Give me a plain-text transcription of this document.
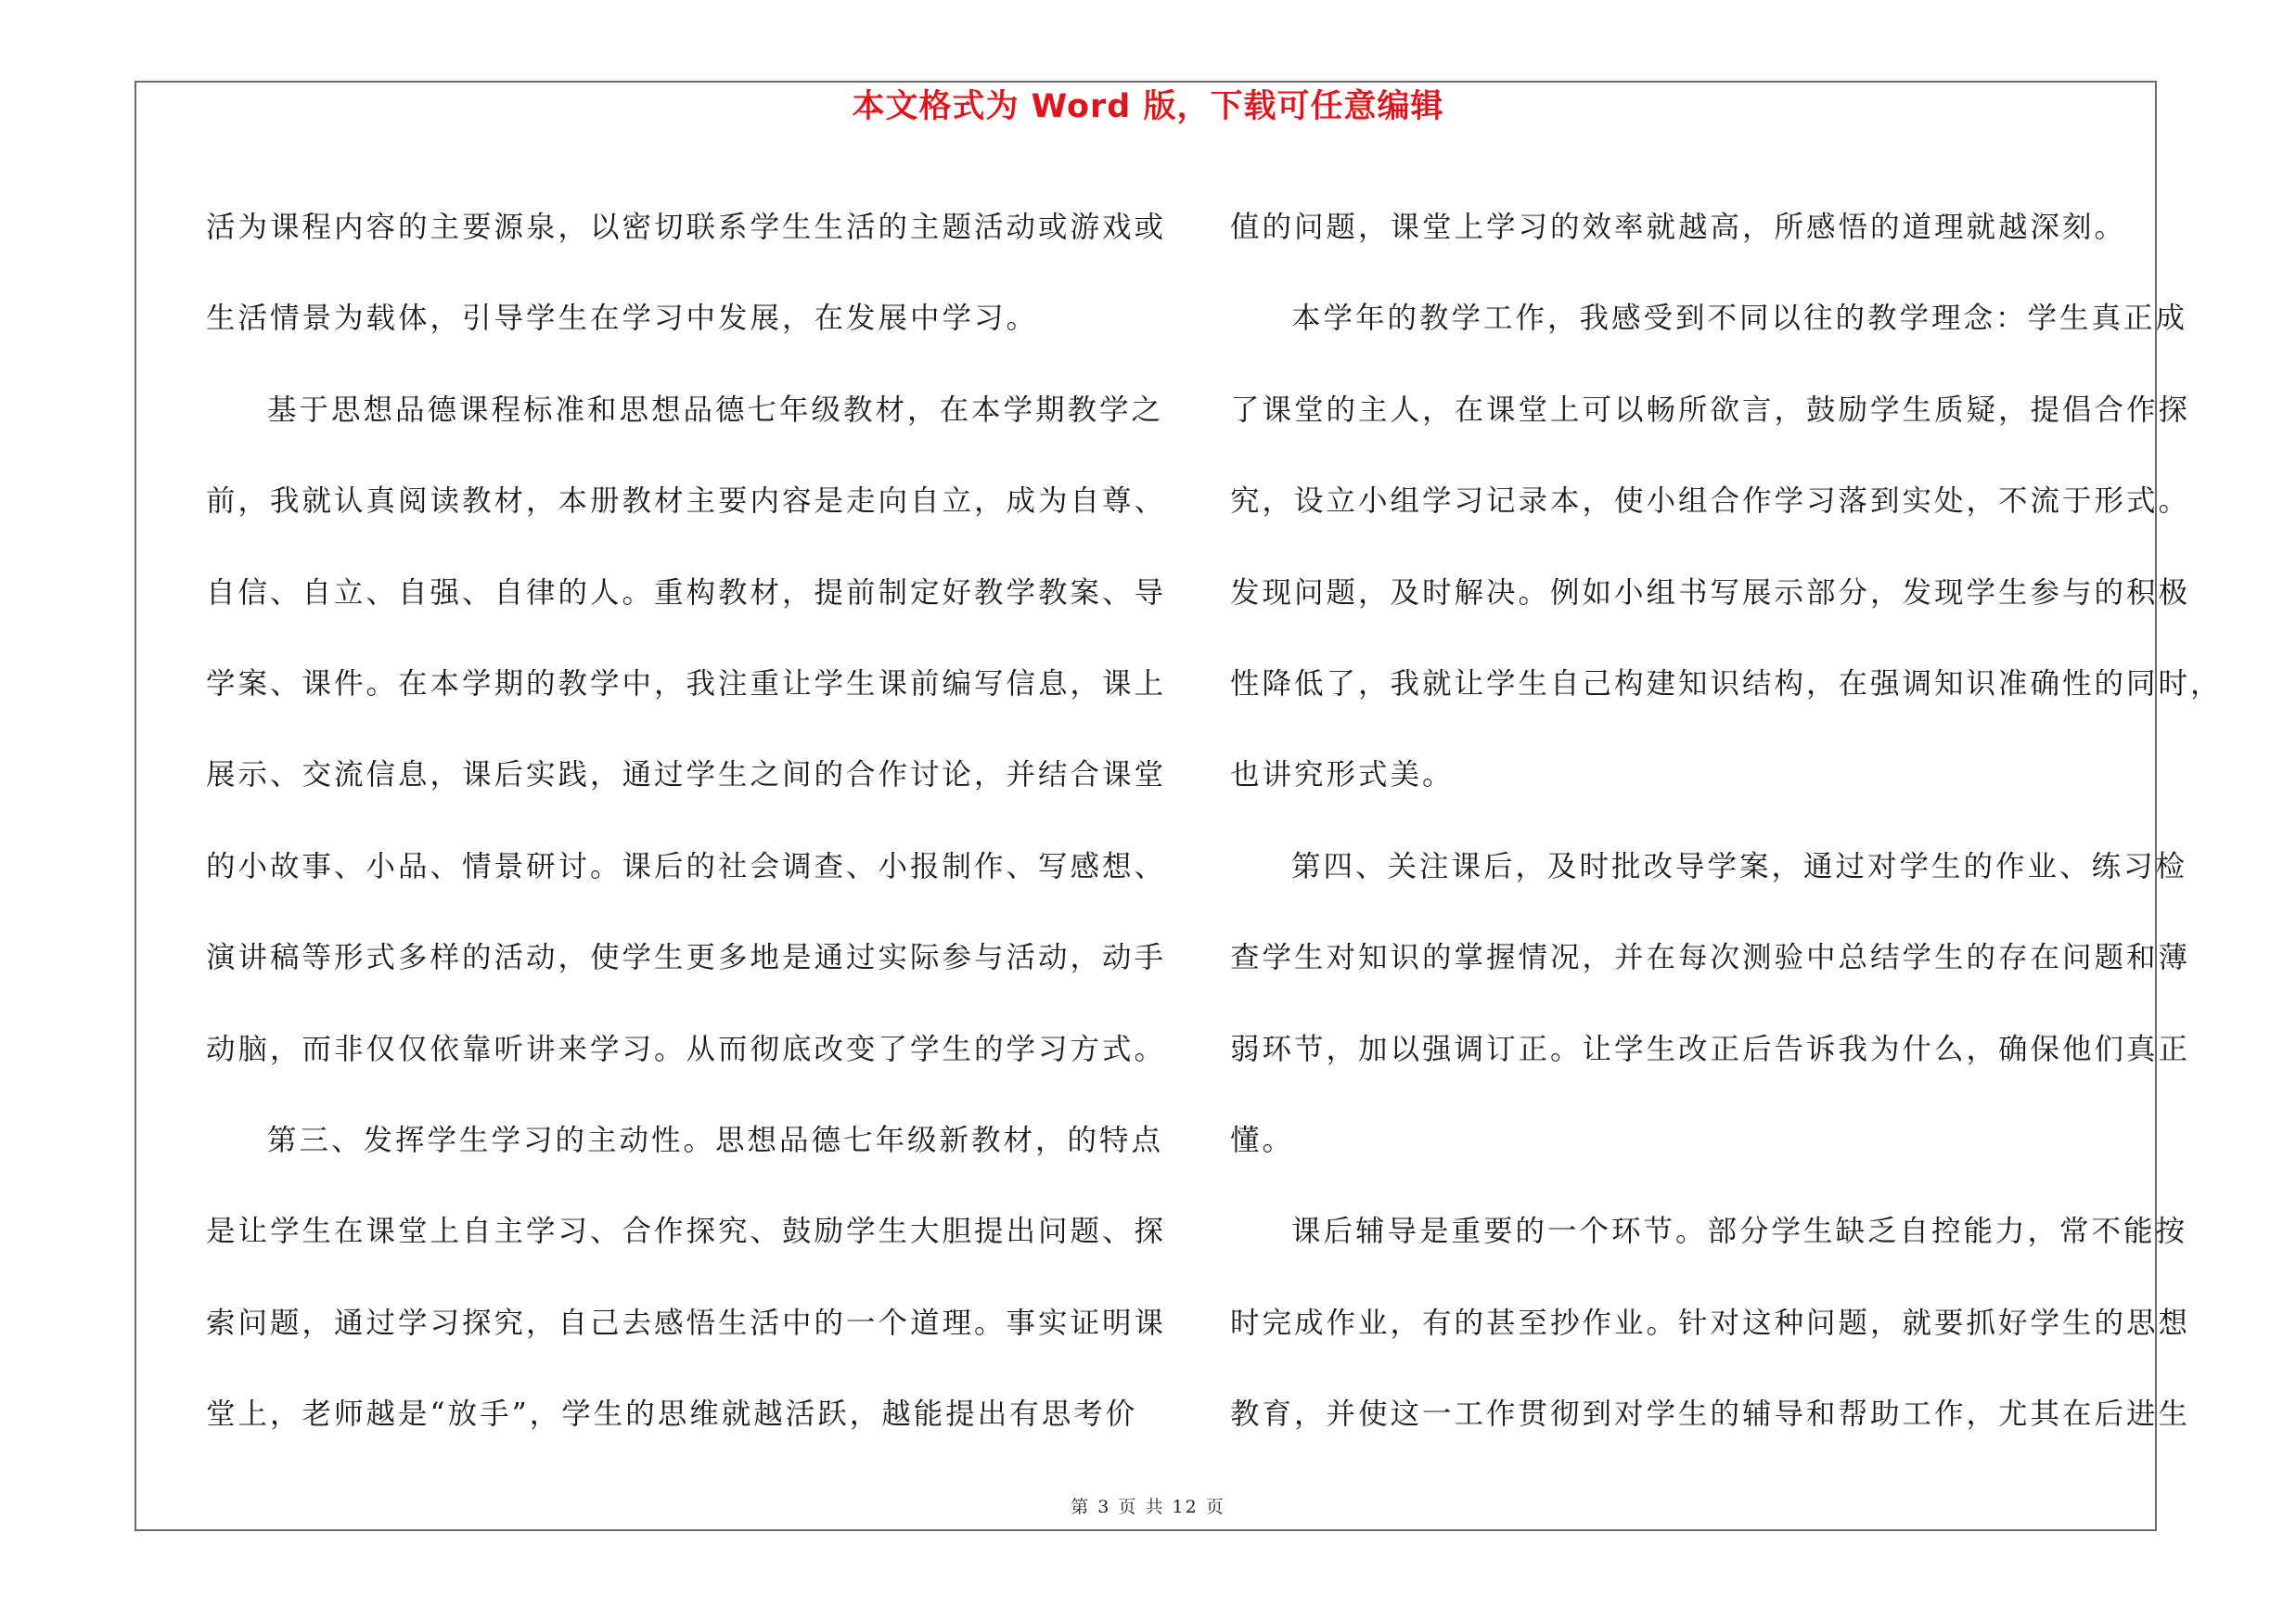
本文格式为 Word 版，下载可任意编辑
活为课程内容的主要源泉，以密切联系学生生活的主题活动或游戏或
生活情景为载体，引导学生在学习中发展，在发展中学习。
基于思想品德课程标准和思想品德七年级教材，在本学期教学之
前，我就认真阅读教材，本册教材主要内容是走向自立，成为自尊、
自信、自立、自强、自律的人。重构教材，提前制定好教学教案、导
学案、课件。在本学期的教学中，我注重让学生课前编写信息，课上
展示、交流信息，课后实践，通过学生之间的合作讨论，并结合课堂
的小故事、小品、情景研讨。课后的社会调查、小报制作、写感想、
演讲稿等形式多样的活动，使学生更多地是通过实际参与活动，动手
动脑，而非仅仅依靠听讲来学习。从而彻底改变了学生的学习方式。
第三、发挥学生学习的主动性。思想品德七年级新教材，的特点
是让学生在课堂上自主学习、合作探究、鼓励学生大胆提出问题、探
索问题，通过学习探究，自己去感悟生活中的一个道理。事实证明课
堂上，老师越是“放手”，学生的思维就越活跃，越能提出有思考价
值的问题，课堂上学习的效率就越高，所感悟的道理就越深刻。
本学年的教学工作，我感受到不同以往的教学理念：学生真正成
了课堂的主人，在课堂上可以畅所欲言，鼓励学生质疑，提倡合作探
究，设立小组学习记录本，使小组合作学习落到实处，不流于形式。
发现问题，及时解决。例如小组书写展示部分，发现学生参与的积极
性降低了，我就让学生自己构建知识结构，在强调知识准确性的同时，
也讲究形式美。
第四、关注课后，及时批改导学案，通过对学生的作业、练习检
查学生对知识的掌握情况，并在每次测验中总结学生的存在问题和薄
弱环节，加以强调订正。让学生改正后告诉我为什么，确保他们真正
懂。
课后辅导是重要的一个环节。部分学生缺乏自控能力，常不能按
时完成作业，有的甚至抄作业。针对这种问题，就要抓好学生的思想
教育，并使这一工作贯彻到对学生的辅导和帮助工作，尤其在后进生
第 3 页 共 12 页
